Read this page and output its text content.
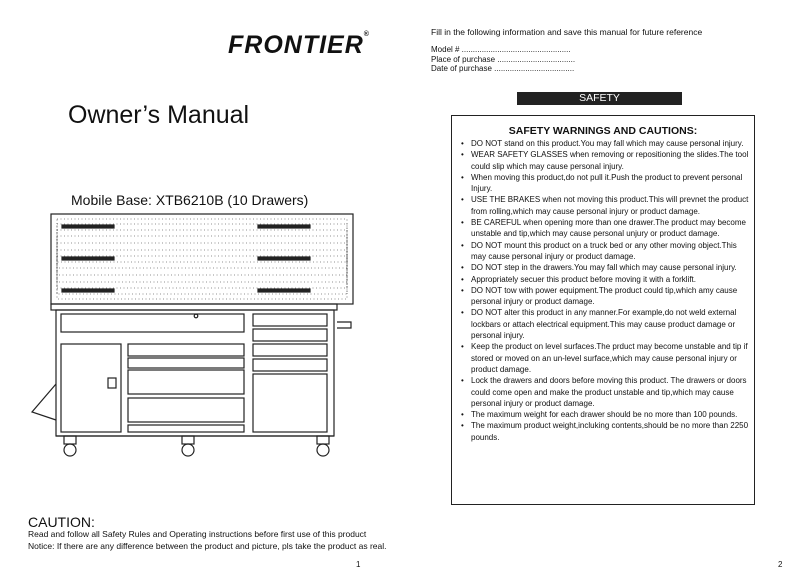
FRONTIER®
Owner’s Manual
Mobile Base: XTB6210B (10 Drawers)
CAUTION:
Read and follow all Safety Rules and Operating instructions before first use of this product
Notice: If there are any difference between the product and picture, pls take the product as real.
1
Fill in the following information and save this manual for future reference
Model # .................................................
Place of purchase ...................................
Date of purchase ....................................
SAFETY
SAFETY WARNINGS AND CAUTIONS:
• DO NOT stand on this product.You may fall which may cause personal injury.
• WEAR SAFETY GLASSES when removing or repositioning the slides.The tool could slip which may cause personal injury.
• When moving this product,do not pull it.Push the product to prevent personal Injury.
• USE THE BRAKES when not moving this product.This will prevnet the product from rolling,which may cause personal injury or product damage.
• BE CAREFUL when opening more than one drawer.The product may become unstable and tip,which may cause personal unjury or product damage.
• DO NOT mount this product on a truck bed or any other moving object.This may cause personal injury or product damage.
• DO NOT step in the drawers.You may fall which may cause personal injury.
• Appropriately secuer this product before moving it with a forklift.
• DO NOT tow with power equipment.The product could tip,which amy cause personal injury or product damage.
• DO NOT alter this product in any manner.For example,do not weld external lockbars or attach electrical equipment.This may cause product damage or personal injury.
• Keep the product on level surfaces.The prduct may become unstable and tip if stored or moved on an un-level surface,which may cause personal injury or product damage.
• Lock the drawers and doors before moving this product. The drawers or doors could come open and make the product unstable and tip,which may cause personal injury or product damage.
• The maximum weight for each drawer should be no more than 100 pounds.
• The maximum product weight,incluking contents,should be no more than 2250 pounds.
2
